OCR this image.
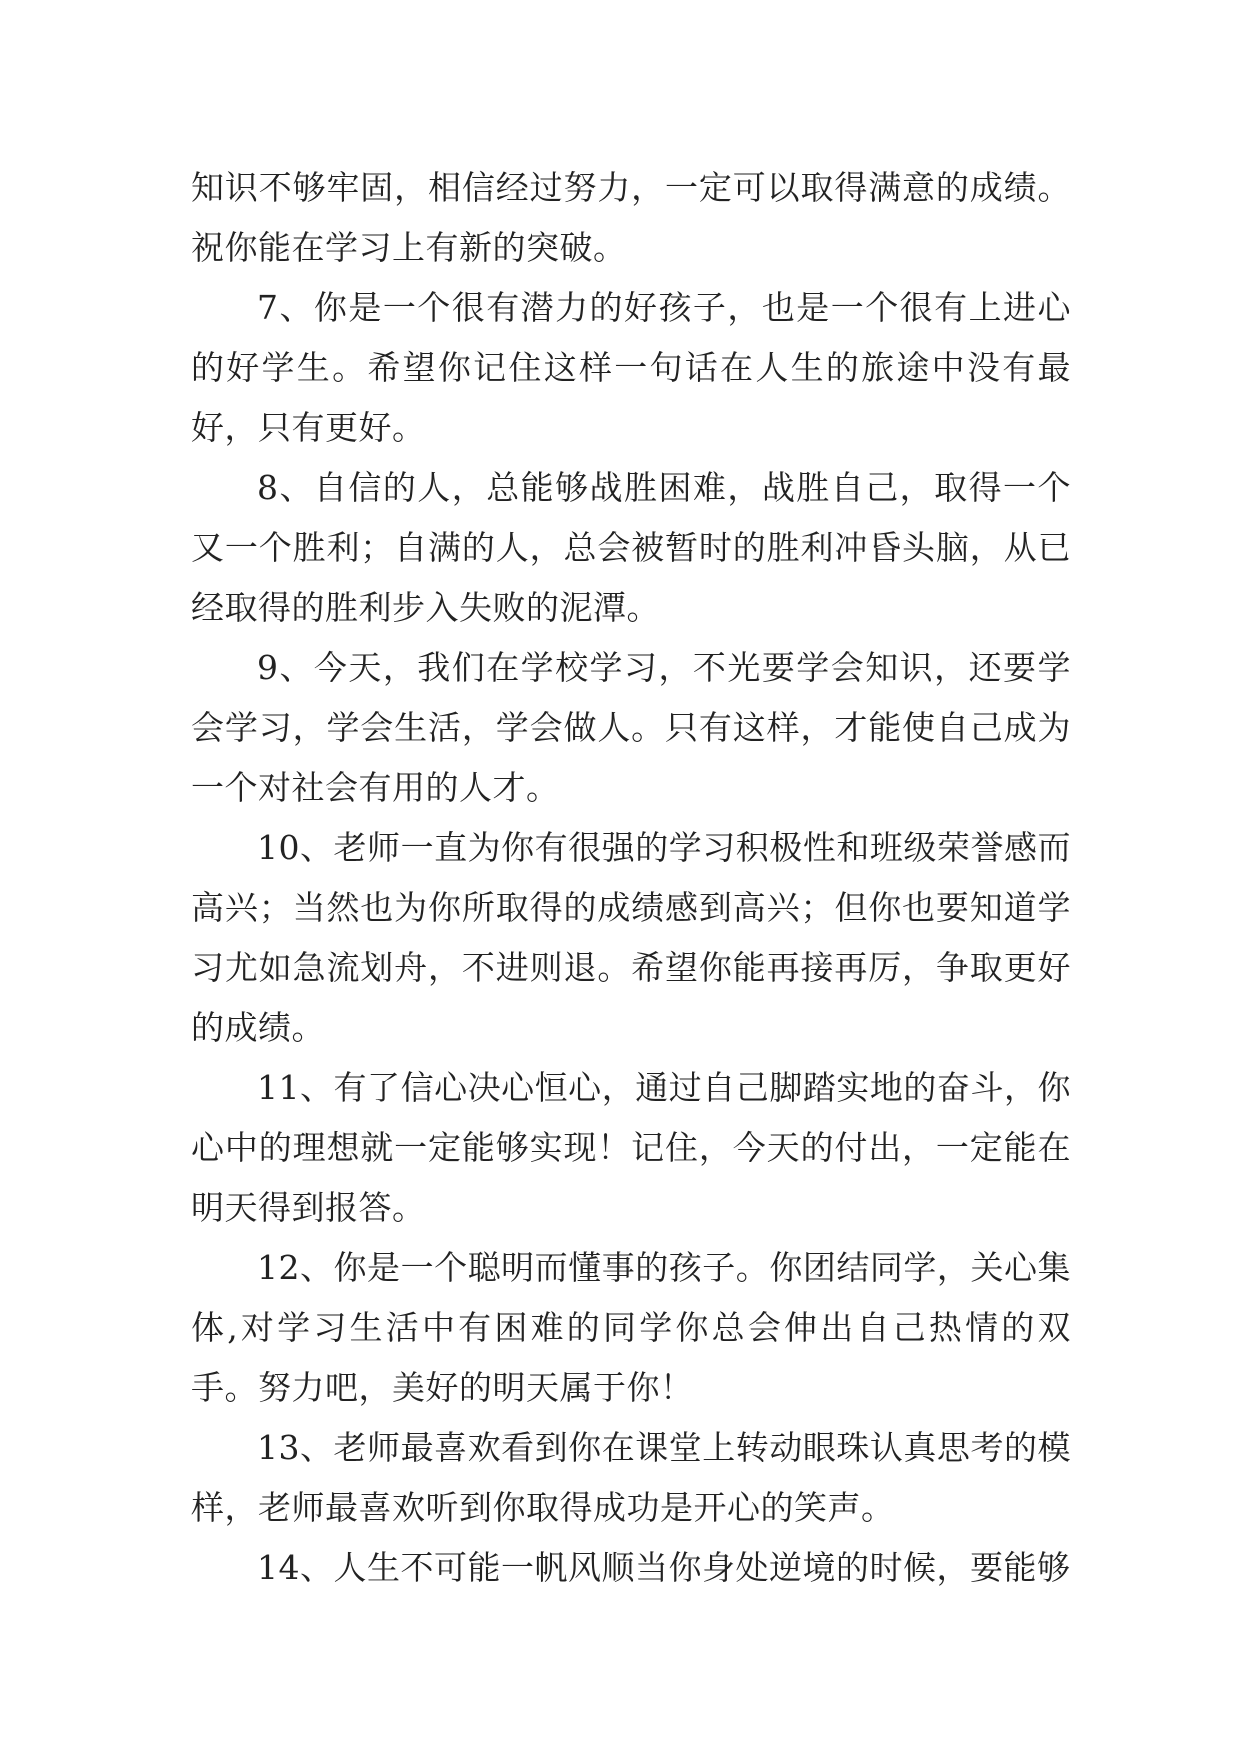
知识不够牢固，相信经过努力，一定可以取得满意的成绩。祝你能在学习上有新的突破。

7、你是一个很有潜力的好孩子，也是一个很有上进心的好学生。希望你记住这样一句话在人生的旅途中没有最好，只有更好。

8、自信的人，总能够战胜困难，战胜自己，取得一个又一个胜利；自满的人，总会被暂时的胜利冲昏头脑，从已经取得的胜利步入失败的泥潭。

9、今天，我们在学校学习，不光要学会知识，还要学会学习，学会生活，学会做人。只有这样，才能使自己成为一个对社会有用的人才。

10、老师一直为你有很强的学习积极性和班级荣誉感而高兴；当然也为你所取得的成绩感到高兴；但你也要知道学习尤如急流划舟，不进则退。希望你能再接再厉，争取更好的成绩。

11、有了信心决心恒心，通过自己脚踏实地的奋斗，你心中的理想就一定能够实现！记住，今天的付出，一定能在明天得到报答。

12、你是一个聪明而懂事的孩子。你团结同学，关心集体,对学习生活中有困难的同学你总会伸出自己热情的双手。努力吧，美好的明天属于你！

13、老师最喜欢看到你在课堂上转动眼珠认真思考的模样，老师最喜欢听到你取得成功是开心的笑声。

14、人生不可能一帆风顺当你身处逆境的时候，要能够
